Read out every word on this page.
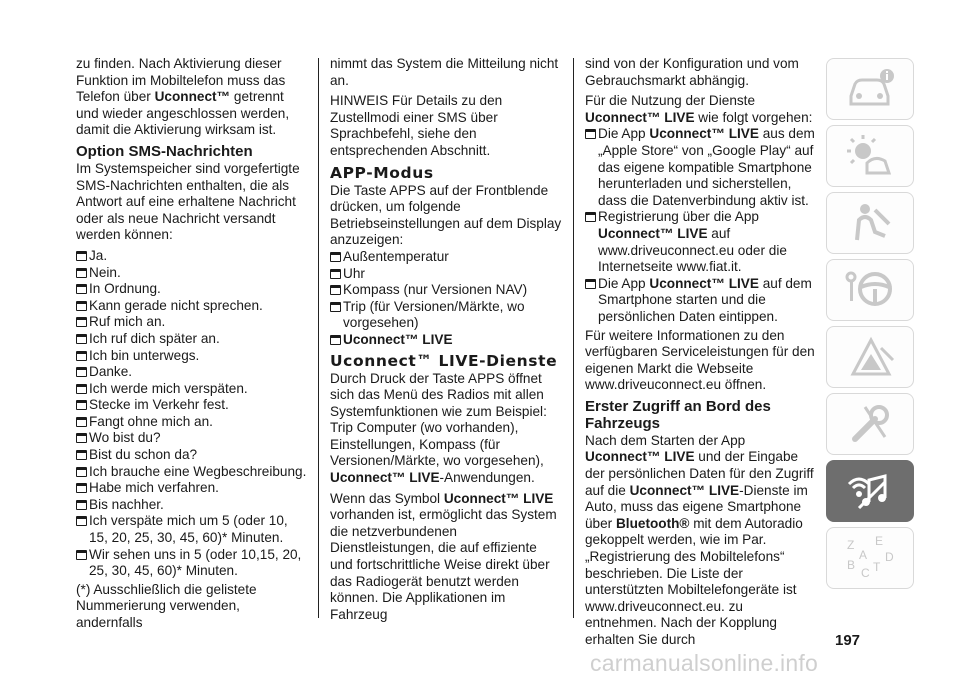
zu finden. Nach Aktivierung dieser Funktion im Mobiltelefon muss das Telefon über Uconnect™ getrennt und wieder angeschlossen werden, damit die Aktivierung wirksam ist.

Option SMS-Nachrichten

Im Systemspeicher sind vorgefertigte SMS-Nachrichten enthalten, die als Antwort auf eine erhaltene Nachricht oder als neue Nachricht versandt werden können:

Ja.
Nein.
In Ordnung.
Kann gerade nicht sprechen.
Ruf mich an.
Ich ruf dich später an.
Ich bin unterwegs.
Danke.
Ich werde mich verspäten.
Stecke im Verkehr fest.
Fangt ohne mich an.
Wo bist du?
Bist du schon da?
Ich brauche eine Wegbeschreibung.
Habe mich verfahren.
Bis nachher.
Ich verspäte mich um 5 (oder 10, 15, 20, 25, 30, 45, 60)* Minuten.
Wir sehen uns in 5 (oder 10,15, 20, 25, 30, 45, 60)* Minuten.

(*) Ausschließlich die gelistete Nummerierung verwenden, andernfalls

nimmt das System die Mitteilung nicht an.

HINWEIS Für Details zu den Zustellmodi einer SMS über Sprachbefehl, siehe den entsprechenden Abschnitt.

APP-Modus

Die Taste APPS auf der Frontblende drücken, um folgende Betriebseinstellungen auf dem Display anzuzeigen:

Außentemperatur
Uhr
Kompass (nur Versionen NAV)
Trip (für Versionen/Märkte, wo vorgesehen)
Uconnect™ LIVE
Uconnect™ LIVE-Dienste

Durch Druck der Taste APPS öffnet sich das Menü des Radios mit allen Systemfunktionen wie zum Beispiel: Trip Computer (wo vorhanden), Einstellungen, Kompass (für Versionen/Märkte, wo vorgesehen),
Uconnect™ LIVE-Anwendungen.

Wenn das Symbol Uconnect™ LIVE vorhanden ist, ermöglicht das System die netzverbundenen Dienstleistungen, die auf effiziente und fortschrittliche Weise direkt über das Radiogerät benutzt werden können. Die Applikationen im Fahrzeug

sind von der Konfiguration und vom Gebrauchsmarkt abhängig.

Für die Nutzung der Dienste Uconnect™ LIVE wie folgt vorgehen:

Die App Uconnect™ LIVE aus dem „Apple Store“ von „Google Play“ auf das eigene kompatible Smartphone herunterladen und sicherstellen, dass die Datenverbindung aktiv ist.
Registrierung über die App Uconnect™ LIVE auf www.driveuconnect.eu oder die Internetseite www.fiat.it.
Die App Uconnect™ LIVE auf dem Smartphone starten und die persönlichen Daten eintippen.

Für weitere Informationen zu den verfügbaren Serviceleistungen für den eigenen Markt die Webseite www.driveuconnect.eu öffnen.

Erster Zugriff an Bord des Fahrzeugs

Nach dem Starten der App Uconnect™ LIVE und der Eingabe der persönlichen Daten für den Zugriff auf die Uconnect™ LIVE-Dienste im Auto, muss das eigene Smartphone über Bluetooth® mit dem Autoradio gekoppelt werden, wie im Par. „Registrierung des Mobiltelefons“ beschrieben. Die Liste der unterstützten Mobiltelefongeräte ist www.driveuconnect.eu. zu entnehmen. Nach der Kopplung erhalten Sie durch

Z E
A
B
C T
D
197
carmanualsonline.info
